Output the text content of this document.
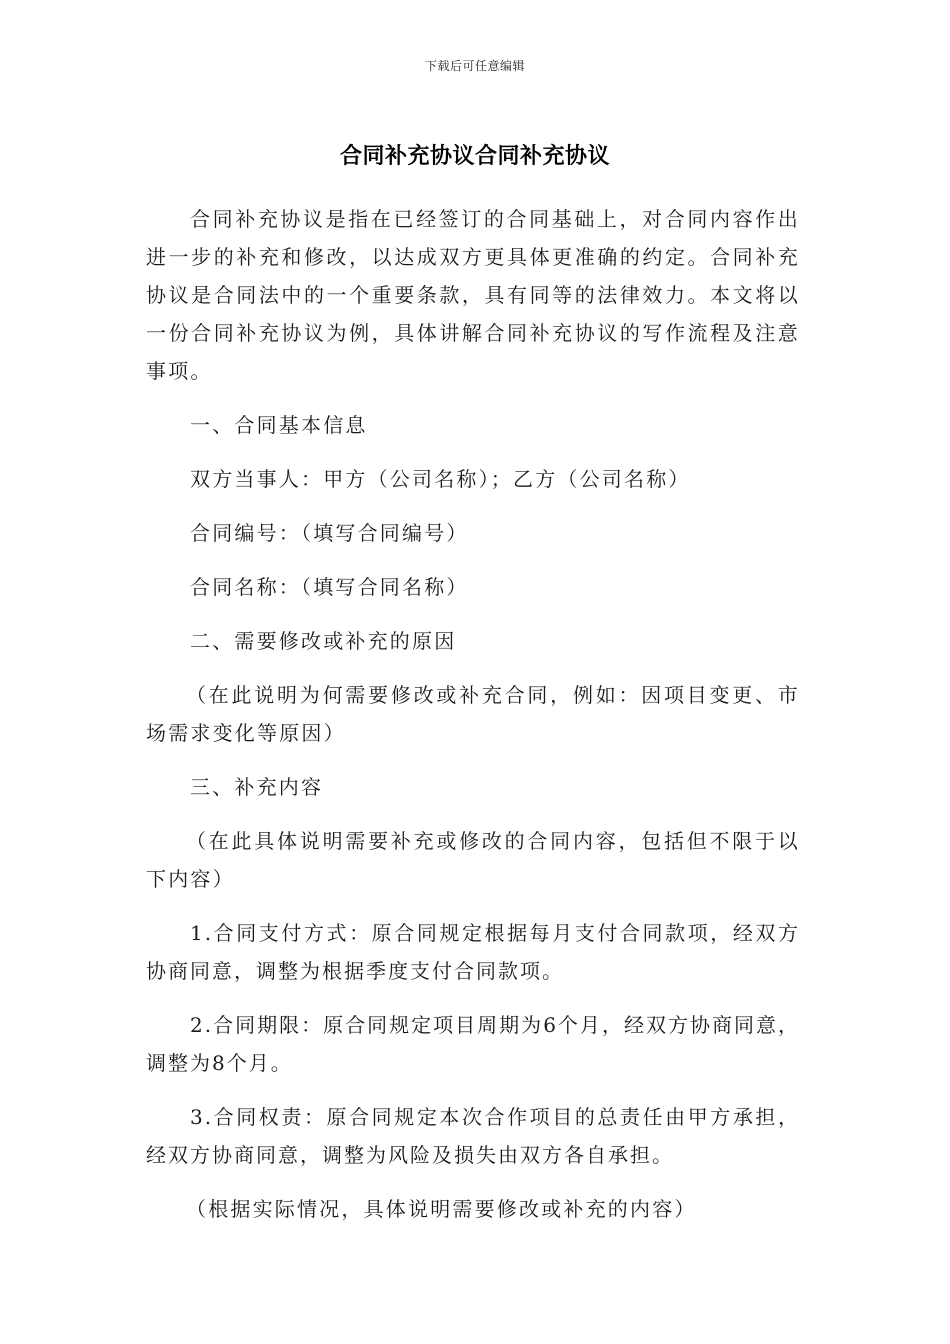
下载后可任意编辑
合同补充协议合同补充协议

合同补充协议是指在已经签订的合同基础上，对合同内容作出进一步的补充和修改，以达成双方更具体更准确的约定。合同补充协议是合同法中的一个重要条款，具有同等的法律效力。本文将以一份合同补充协议为例，具体讲解合同补充协议的写作流程及注意事项。

一、合同基本信息

双方当事人：甲方（公司名称）；乙方（公司名称）

合同编号：（填写合同编号）

合同名称：（填写合同名称）

二、需要修改或补充的原因

（在此说明为何需要修改或补充合同，例如：因项目变更、市场需求变化等原因）

三、补充内容

（在此具体说明需要补充或修改的合同内容，包括但不限于以下内容）

1.合同支付方式：原合同规定根据每月支付合同款项，经双方协商同意，调整为根据季度支付合同款项。

2.合同期限：原合同规定项目周期为6个月，经双方协商同意，调整为8个月。

3.合同权责：原合同规定本次合作项目的总责任由甲方承担，经双方协商同意，调整为风险及损失由双方各自承担。

（根据实际情况，具体说明需要修改或补充的内容）
